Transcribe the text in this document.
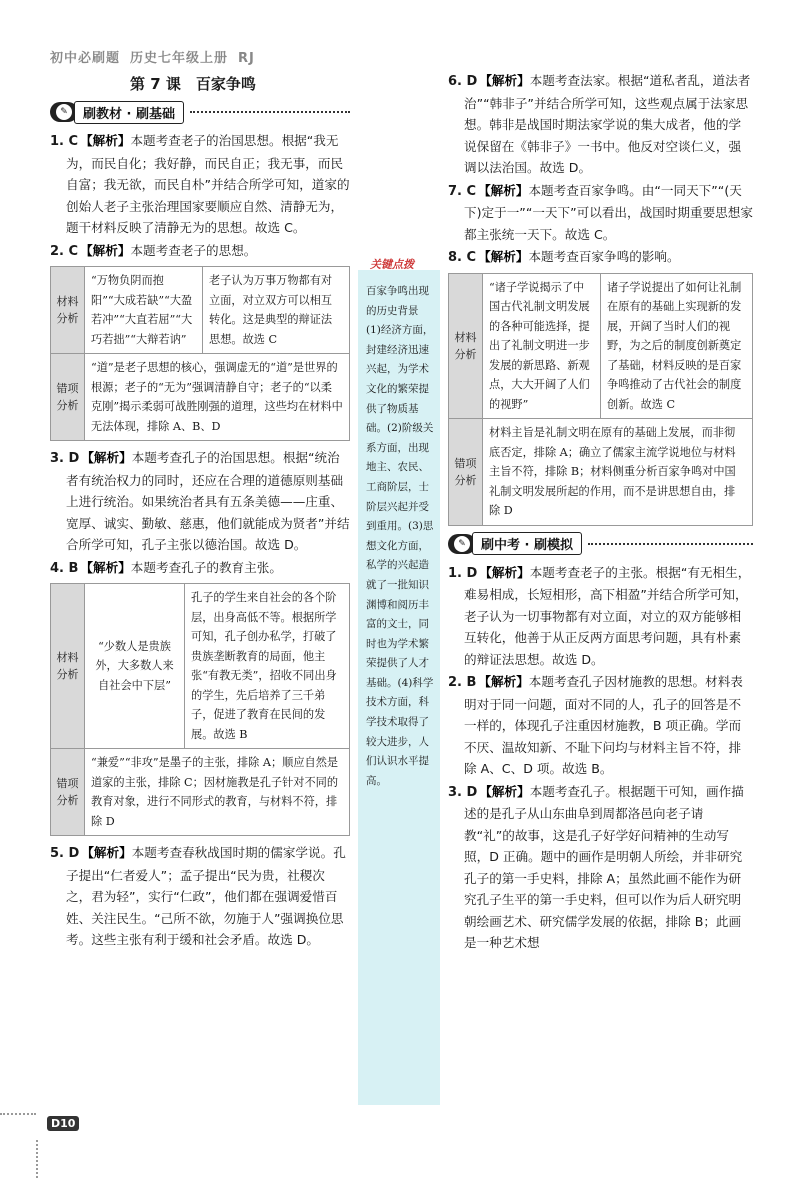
初中必刷题 历史七年级上册 RJ
第 7 课　百家争鸣
✎	刷教材 · 刷基础

1. C 【解析】本题考查老子的治国思想。根据“我无为，而民自化；我好静，而民自正；我无事，而民自富；我无欲，而民自朴”并结合所学可知，道家的创始人老子主张治理国家要顺应自然、清静无为，题干材料反映了清静无为的思想。故选 C。

2. C 【解析】本题考查老子的思想。

材料分析	“万物负阴而抱阳”“大成若缺”“大盈若冲”“大直若屈”“大巧若拙”“大辩若讷”	老子认为万事万物都有对立面，对立双方可以相互转化。这是典型的辩证法思想。故选 C
错项分析	“道”是老子思想的核心，强调虚无的“道”是世界的根源；老子的“无为”强调清静自守；老子的“以柔克刚”揭示柔弱可战胜刚强的道理，这些均在材料中无法体现，排除 A、B、D	

3. D 【解析】本题考查孔子的治国思想。根据“统治者有统治权力的同时，还应在合理的道德原则基础上进行统治。如果统治者具有五条美德——庄重、宽厚、诚实、勤敏、慈惠，他们就能成为贤者”并结合所学可知，孔子主张以德治国。故选 D。

4. B 【解析】本题考查孔子的教育主张。

材料分析	“少数人是贵族外，大多数人来自社会中下层”	孔子的学生来自社会的各个阶层，出身高低不等。根据所学可知，孔子创办私学，打破了贵族垄断教育的局面，他主张“有教无类”，招收不同出身的学生，先后培养了三千弟子，促进了教育在民间的发展。故选 B
错项分析	“兼爱”“非攻”是墨子的主张，排除 A；顺应自然是道家的主张，排除 C；因材施教是孔子针对不同的教育对象，进行不同形式的教育，与材料不符，排除 D	

5. D 【解析】本题考查春秋战国时期的儒家学说。孔子提出“仁者爱人”；孟子提出“民为贵，社稷次之，君为轻”，实行“仁政”，他们都在强调爱惜百姓、关注民生。“己所不欲，勿施于人”强调换位思考。这些主张有利于缓和社会矛盾。故选 D。

关键点拨
百家争鸣出现的历史背景 (1)经济方面，封建经济迅速兴起，为学术文化的繁荣提供了物质基础。(2)阶级关系方面，出现地主、农民、工商阶层，士阶层兴起并受到重用。(3)思想文化方面，私学的兴起造就了一批知识渊博和阅历丰富的文士，同时也为学术繁荣提供了人才基础。(4)科学技术方面，科学技术取得了较大进步，人们认识水平提高。

6. D 【解析】本题考查法家。根据“道私者乱，道法者治”“韩非子”并结合所学可知，这些观点属于法家思想。韩非是战国时期法家学说的集大成者，他的学说保留在《韩非子》一书中。他反对空谈仁义，强调以法治国。故选 D。

7. C 【解析】本题考查百家争鸣。由“一同天下”“(天下)定于一”“一天下”可以看出，战国时期重要思想家都主张统一天下。故选 C。

8. C 【解析】本题考查百家争鸣的影响。

材料分析	“诸子学说揭示了中国古代礼制文明发展的各种可能选择，提出了礼制文明进一步发展的新思路、新观点，大大开阔了人们的视野”	诸子学说提出了如何让礼制在原有的基础上实现新的发展，开阔了当时人们的视野，为之后的制度创新奠定了基础，材料反映的是百家争鸣推动了古代社会的制度创新。故选 C
错项分析	材料主旨是礼制文明在原有的基础上发展，而非彻底否定，排除 A；确立了儒家主流学说地位与材料主旨不符，排除 B；材料侧重分析百家争鸣对中国礼制文明发展所起的作用，而不是讲思想自由，排除 D	
✎	刷中考 · 刷模拟

1. D 【解析】本题考查老子的主张。根据“有无相生，难易相成，长短相形，高下相盈”并结合所学可知，老子认为一切事物都有对立面，对立的双方能够相互转化，他善于从正反两方面思考问题，具有朴素的辩证法思想。故选 D。

2. B 【解析】本题考查孔子因材施教的思想。材料表明对于同一问题，面对不同的人，孔子的回答是不一样的，体现孔子注重因材施教，B 项正确。学而不厌、温故知新、不耻下问均与材料主旨不符，排除 A、C、D 项。故选 B。

3. D 【解析】本题考查孔子。根据题干可知，画作描述的是孔子从山东曲阜到周都洛邑向老子请教“礼”的故事，这是孔子好学好问精神的生动写照，D 正确。题中的画作是明朝人所绘，并非研究孔子的第一手史料，排除 A；虽然此画不能作为研究孔子生平的第一手史料，但可以作为后人研究明朝绘画艺术、研究儒学发展的依据，排除 B；此画是一种艺术想

D10
